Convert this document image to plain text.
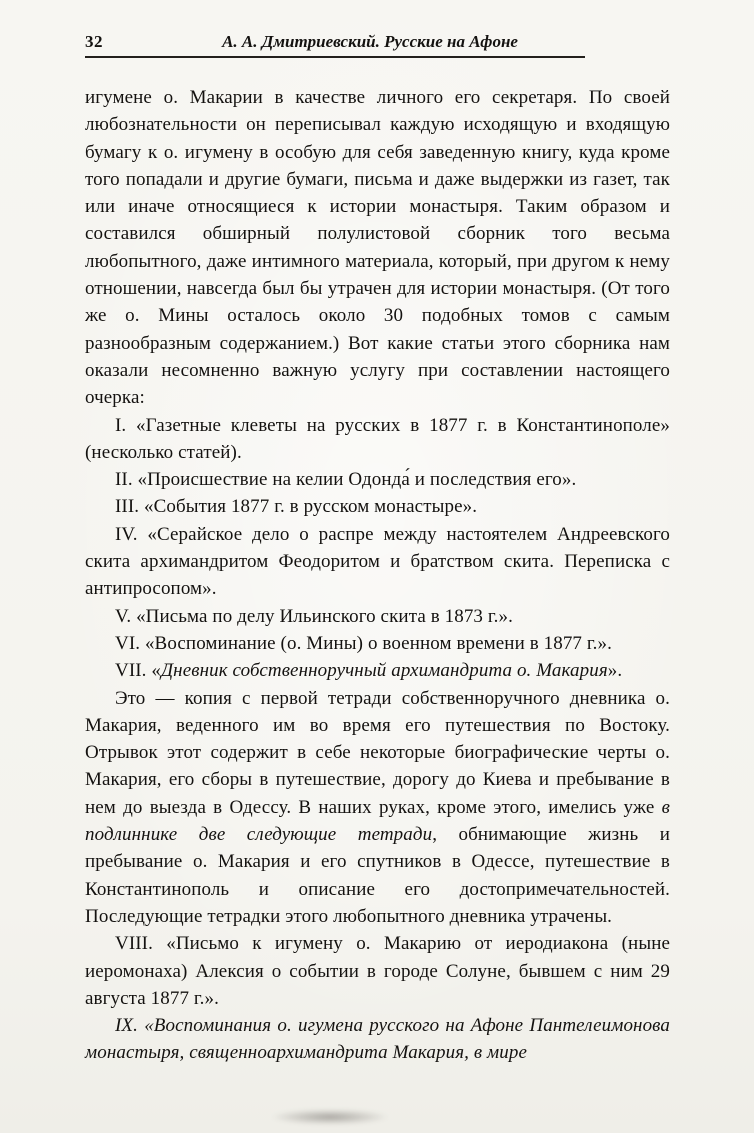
32	А. А. Дмитриевский. Русские на Афоне

игумене о. Макарии в качестве личного его секретаря. По своей любознательности он переписывал каждую исходящую и входящую бумагу к о. игумену в особую для себя заведенную книгу, куда кроме того попадали и другие бумаги, письма и даже выдержки из газет, так или иначе относящиеся к истории монастыря. Таким образом и составился обширный полулистовой сборник того весьма любопытного, даже интимного материала, который, при другом к нему отношении, навсегда был бы утрачен для истории монастыря. (От того же о. Мины осталось около 30 подобных томов с самым разнообразным содержанием.) Вот какие статьи этого сборника нам оказали несомненно важную услугу при составлении настоящего очерка:

I. «Газетные клеветы на русских в 1877 г. в Константинополе» (несколько статей).

II. «Происшествие на келии Одонда́ и последствия его».

III. «События 1877 г. в русском монастыре».

IV. «Серайское дело о распре между настоятелем Андреевского скита архимандритом Феодоритом и братством скита. Переписка с антипросопом».

V. «Письма по делу Ильинского скита в 1873 г.».

VI. «Воспоминание (о. Мины) о военном времени в 1877 г.».

VII. «Дневник собственноручный архимандрита о. Макария».

Это — копия с первой тетради собственноручного дневника о. Макария, веденного им во время его путешествия по Востоку. Отрывок этот содержит в себе некоторые биографические черты о. Макария, его сборы в путешествие, дорогу до Киева и пребывание в нем до выезда в Одессу. В наших руках, кроме этого, имелись уже в подлиннике две следующие тетради, обнимающие жизнь и пребывание о. Макария и его спутников в Одессе, путешествие в Константинополь и описание его достопримечательностей. Последующие тетрадки этого любопытного дневника утрачены.

VIII. «Письмо к игумену о. Макарию от иеродиакона (ныне иеромонаха) Алексия о событии в городе Солуне, бывшем с ним 29 августа 1877 г.».

IX. «Воспоминания о. игумена русского на Афоне Пантелеимонова монастыря, священноархимандрита Макария, в мире
